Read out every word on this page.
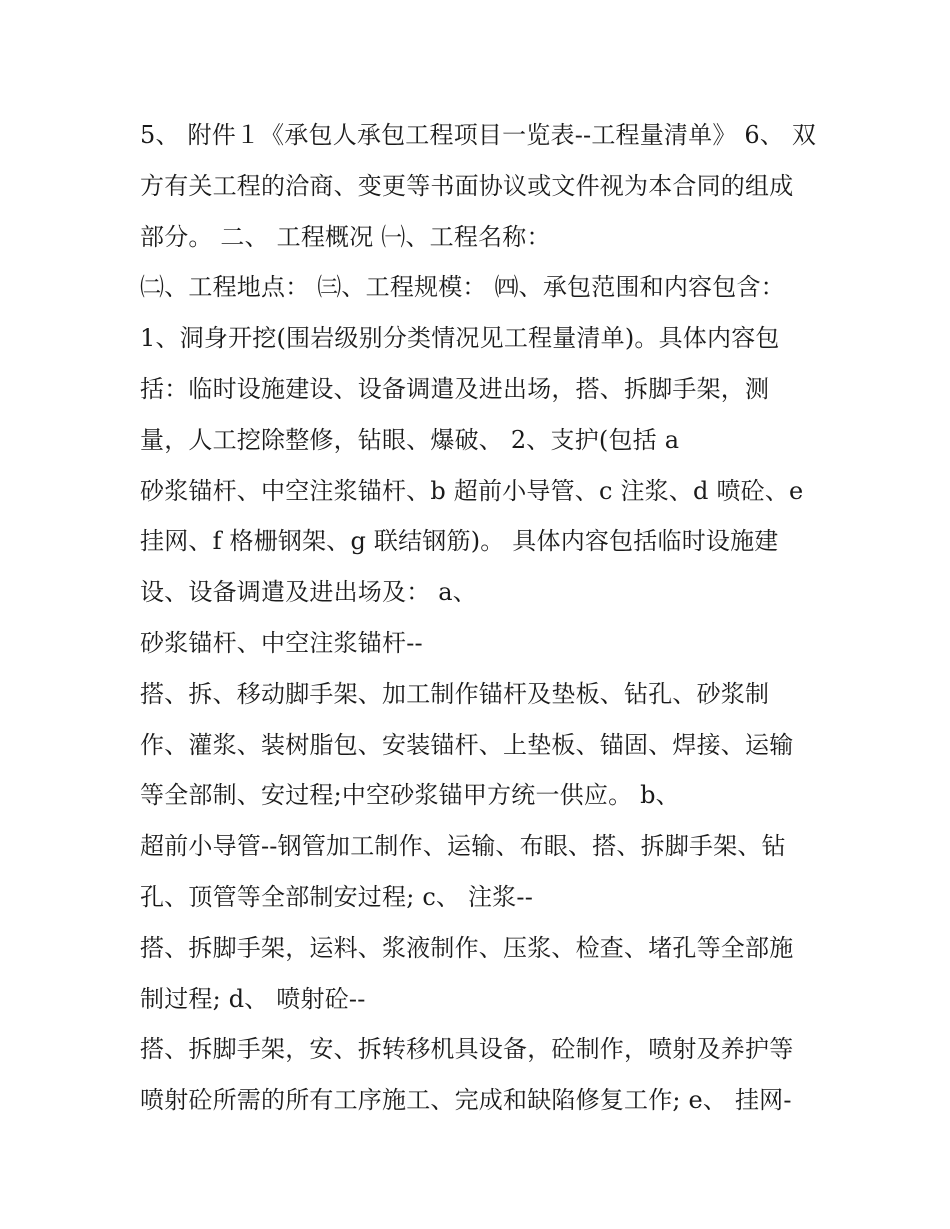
5、 附件１《承包人承包工程项目一览表--工程量清单》 6、 双
方有关工程的洽商、变更等书面协议或文件视为本合同的组成
部分。 二、 工程概况 ㈠、工程名称：
㈡、工程地点： ㈢、工程规模： ㈣、承包范围和内容包含：
1、洞身开挖(围岩级别分类情况见工程量清单)。具体内容包
括：临时设施建设、设备调遣及进出场，搭、拆脚手架，测
量，人工挖除整修，钻眼、爆破、 2、支护(包括 a
砂浆锚杆、中空注浆锚杆、b 超前小导管、c 注浆、d 喷砼、e
挂网、f 格栅钢架、g 联结钢筋)。 具体内容包括临时设施建
设、设备调遣及进出场及： a、
砂浆锚杆、中空注浆锚杆--
搭、拆、移动脚手架、加工制作锚杆及垫板、钻孔、砂浆制
作、灌浆、装树脂包、安装锚杆、上垫板、锚固、焊接、运输
等全部制、安过程;中空砂浆锚甲方统一供应。 b、
超前小导管--钢管加工制作、运输、布眼、搭、拆脚手架、钻
孔、顶管等全部制安过程; c、 注浆--
搭、拆脚手架，运料、浆液制作、压浆、检查、堵孔等全部施
制过程; d、 喷射砼--
搭、拆脚手架，安、拆转移机具设备，砼制作，喷射及养护等
喷射砼所需的所有工序施工、完成和缺陷修复工作; e、 挂网-
